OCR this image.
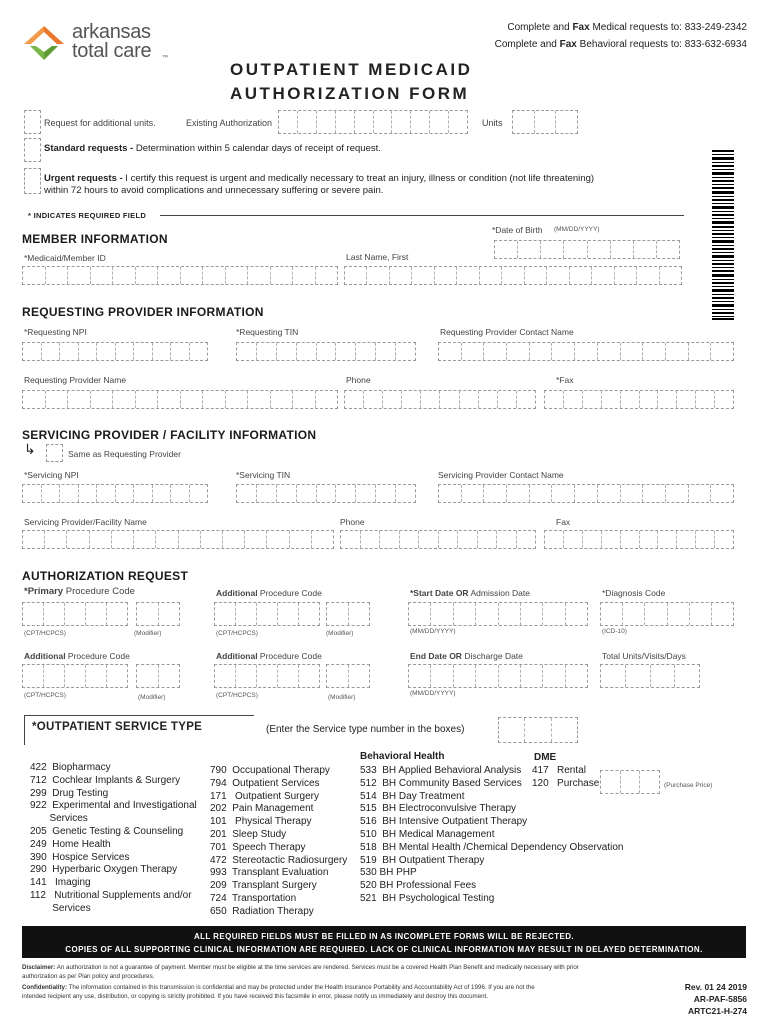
arkansas
total care ™
Complete and Fax Medical requests to: 833-249-2342
Complete and Fax Behavioral requests to: 833-632-6934
OUTPATIENT MEDICAID
AUTHORIZATION FORM
Request for additional units.	Existing Authorization	Units
Standard requests - Determination within 5 calendar days of receipt of request.
Urgent requests - I certify this request is urgent and medically necessary to treat an injury, illness or condition (not life threatening)
within 72 hours to avoid complications and unnecessary suffering or severe pain.
* INDICATES REQUIRED FIELD
MEMBER INFORMATION
*Date of Birth (MM/DD/YYYY)
*Medicaid/Member ID	Last Name, First
REQUESTING PROVIDER INFORMATION
*Requesting NPI	*Requesting TIN	Requesting Provider Contact Name
Requesting Provider Name	Phone	*Fax
SERVICING PROVIDER / FACILITY INFORMATION
↳	Same as Requesting Provider
*Servicing NPI	*Servicing TIN	Servicing Provider Contact Name
Servicing Provider/Facility Name	Phone	Fax
AUTHORIZATION REQUEST
*Primary Procedure Code	Additional Procedure Code	*Start Date OR Admission Date	*Diagnosis Code
(CPT/HCPCS)	(Modifier)	(CPT/HCPCS)	(Modifier)	(MM/DD/YYYY)	(ICD-10)
Additional Procedure Code	Additional Procedure Code	End Date OR Discharge Date	Total Units/Visits/Days
(CPT/HCPCS)	(Modifier)	(CPT/HCPCS)	(Modifier)
(MM/DD/YYYY)
*OUTPATIENT SERVICE TYPE	(Enter the Service type number in the boxes)
422  Biopharmacy
712  Cochlear Implants & Surgery
299  Drug Testing
922  Experimental and Investigational
Services
205  Genetic Testing & Counseling
249  Home Health
390  Hospice Services
290  Hyperbaric Oxygen Therapy
141   Imaging
112   Nutritional Supplements and/or
Services
790  Occupational Therapy
794  Outpatient Services
171   Outpatient Surgery
202  Pain Management
101   Physical Therapy
201  Sleep Study
701  Speech Therapy
472  Stereotactic Radiosurgery
993  Transplant Evaluation
209  Transplant Surgery
724  Transportation
650  Radiation Therapy
Behavioral Health
533  BH Applied Behavioral Analysis
512  BH Community Based Services
514  BH Day Treatment
515  BH Electroconvulsive Therapy
516  BH Intensive Outpatient Therapy
510  BH Medical Management
518  BH Mental Health /Chemical Dependency Observation
519  BH Outpatient Therapy
530 BH PHP
520 BH Professional Fees
521  BH Psychological Testing
DME
417   Rental
120   Purchase	(Purchase Price)
ALL REQUIRED FIELDS MUST BE FILLED IN AS INCOMPLETE FORMS WILL BE REJECTED.
COPIES OF ALL SUPPORTING CLINICAL INFORMATION ARE REQUIRED. LACK OF CLINICAL INFORMATION MAY RESULT IN DELAYED DETERMINATION.
Disclaimer: An authorization is not a guarantee of payment. Member must be eligible at the time services are rendered. Services must be a covered Health Plan Benefit and medically necessary with prior
authorization as per Plan policy and procedures.
Confidentiality: The information contained in this transmission is confidential and may be protected under the Health Insurance Portability and Accountability Act of 1996. If you are not the
intended recipient any use, distribution, or copying is strictly prohibited. If you have received this facsimile in error, please notify us immediately and destroy this document.
Rev. 01 24 2019
AR-PAF-5856
ARTC21-H-274
